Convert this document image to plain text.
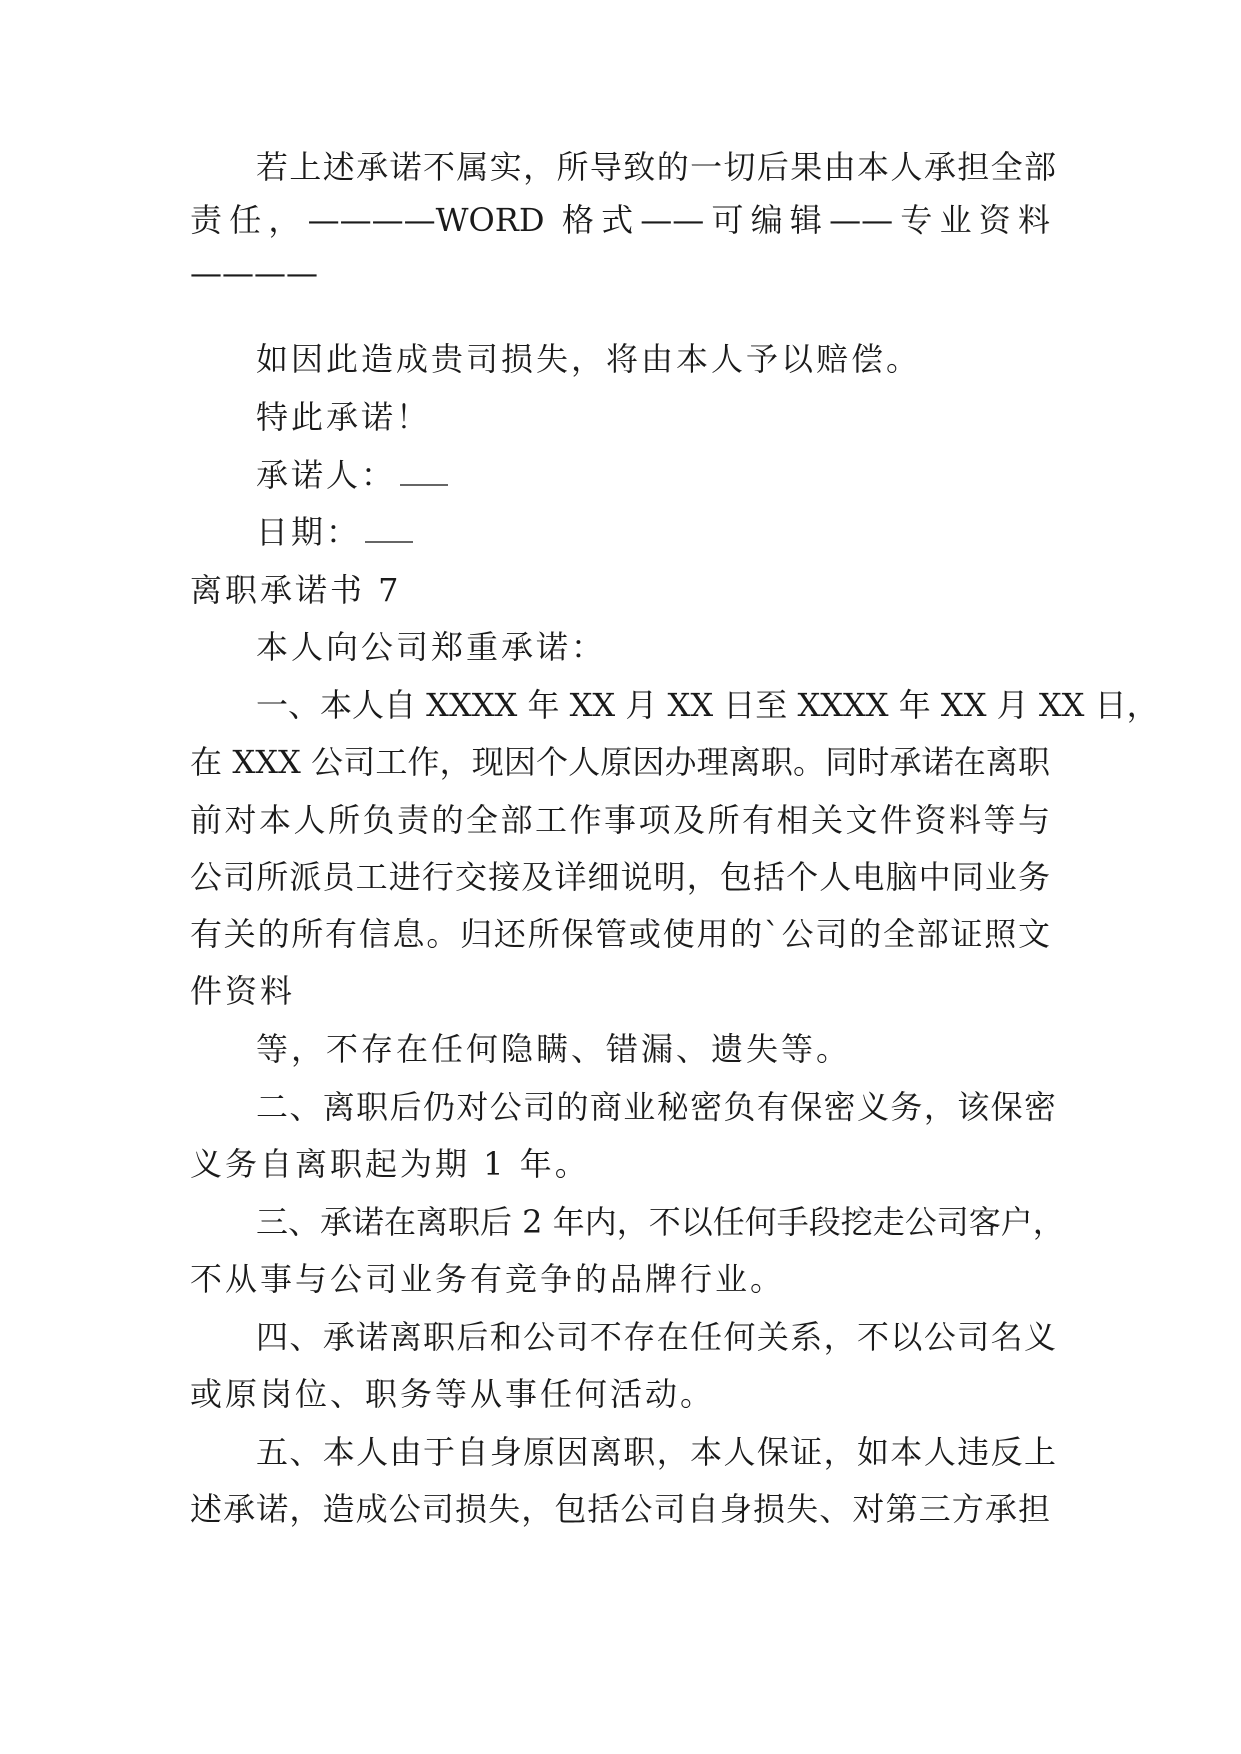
若上述承诺不属实，所导致的一切后果由本人承担全部
责任，————WORD 格式——可编辑——专业资料
————
如因此造成贵司损失，将由本人予以赔偿。
特此承诺！
承诺人：
日期：
离职承诺书 7
本人向公司郑重承诺：
一、本人自 XXXX 年 XX 月 XX 日至 XXXX 年 XX 月 XX 日，
在 XXX 公司工作，现因个人原因办理离职。同时承诺在离职
前对本人所负责的全部工作事项及所有相关文件资料等与
公司所派员工进行交接及详细说明，包括个人电脑中同业务
有关的所有信息。归还所保管或使用的`公司的全部证照文
件资料
等，不存在任何隐瞒、错漏、遗失等。
二、离职后仍对公司的商业秘密负有保密义务，该保密
义务自离职起为期 1 年。
三、承诺在离职后 2 年内，不以任何手段挖走公司客户，
不从事与公司业务有竞争的品牌行业。
四、承诺离职后和公司不存在任何关系，不以公司名义
或原岗位、职务等从事任何活动。
五、本人由于自身原因离职，本人保证，如本人违反上
述承诺，造成公司损失，包括公司自身损失、对第三方承担
